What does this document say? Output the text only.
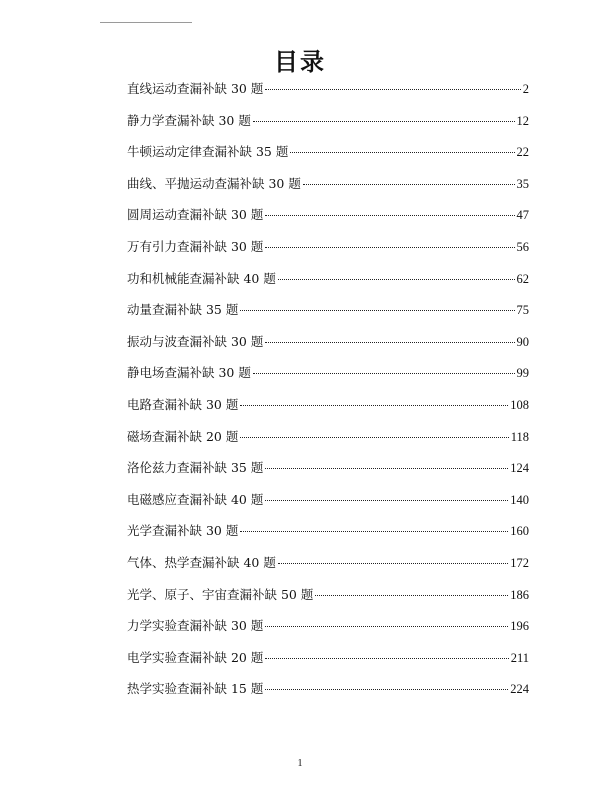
目录
直线运动查漏补缺 30 题	2
静力学查漏补缺 30 题	12
牛顿运动定律查漏补缺 35 题	22
曲线、平抛运动查漏补缺 30 题	35
圆周运动查漏补缺 30 题	47
万有引力查漏补缺 30 题	56
功和机械能查漏补缺 40 题	62
动量查漏补缺 35 题	75
振动与波查漏补缺 30 题	90
静电场查漏补缺 30 题	99
电路查漏补缺 30 题	108
磁场查漏补缺 20 题	118
洛伦兹力查漏补缺 35 题	124
电磁感应查漏补缺 40 题	140
光学查漏补缺 30 题	160
气体、热学查漏补缺 40 题	172
光学、原子、宇宙查漏补缺 50 题	186
力学实验查漏补缺 30 题	196
电学实验查漏补缺 20 题	211
热学实验查漏补缺 15 题	224
1
